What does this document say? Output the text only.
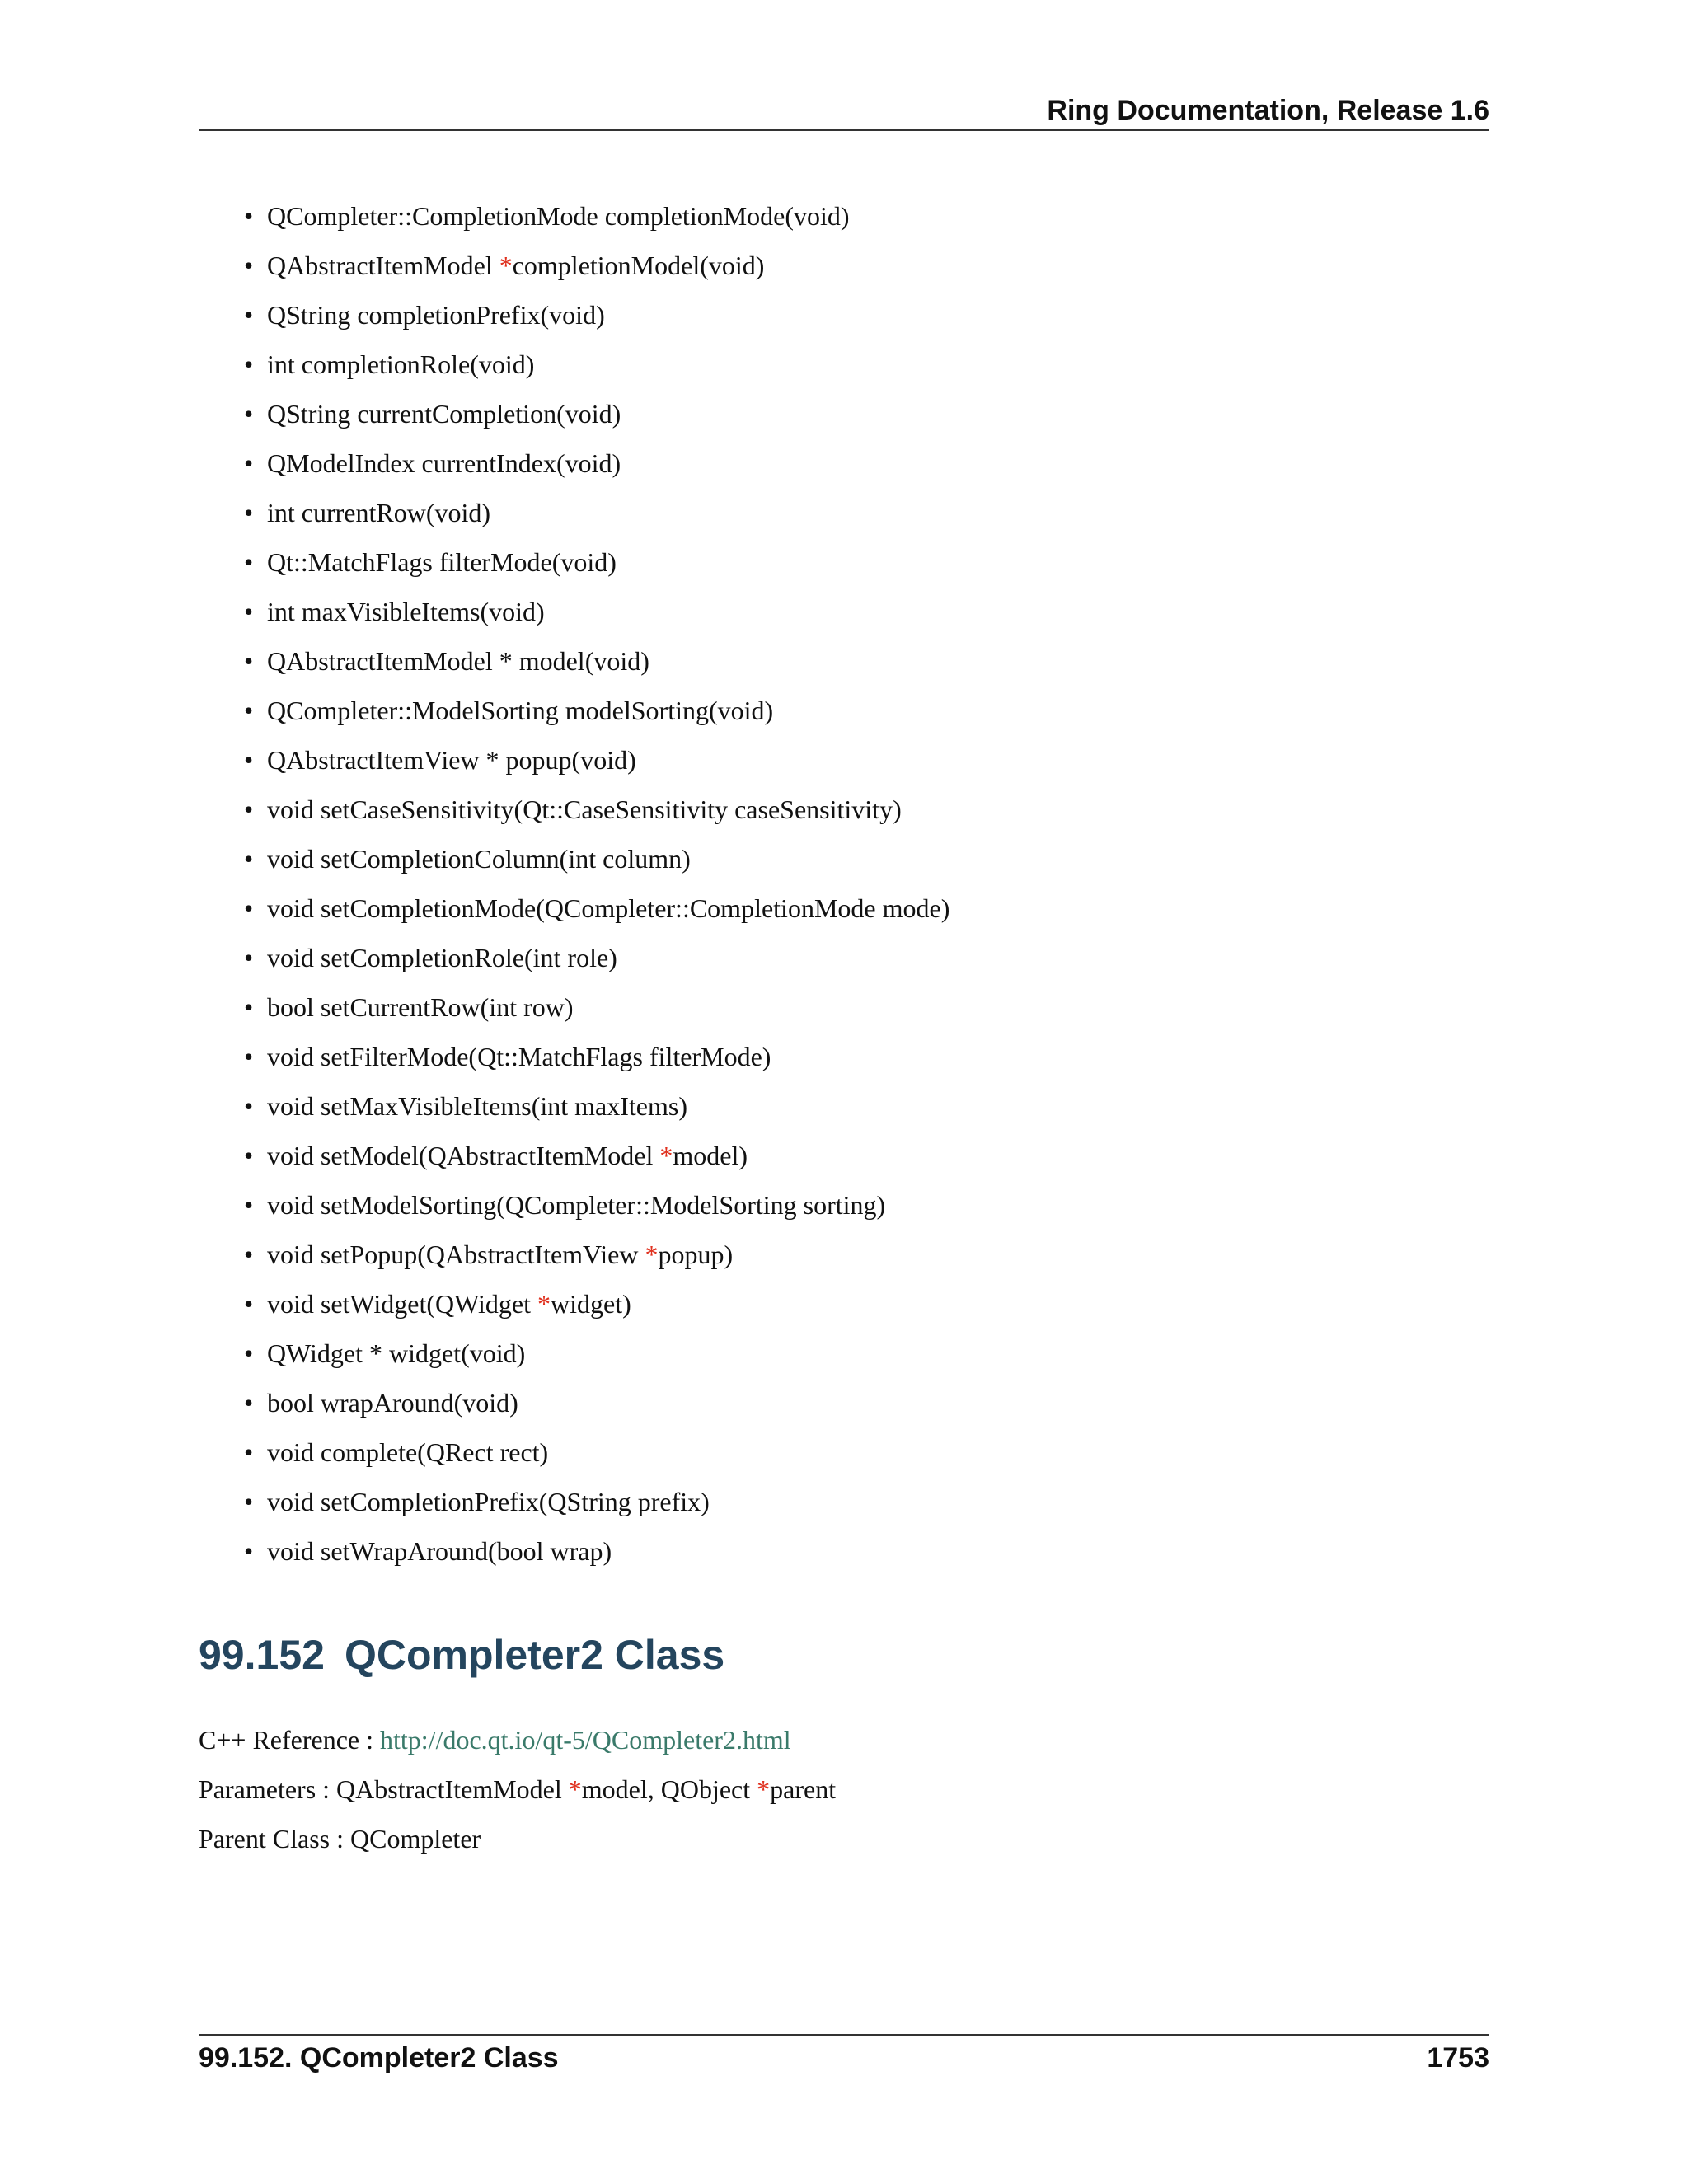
Ring Documentation, Release 1.6
• QCompleter::CompletionMode completionMode(void)
• QAbstractItemModel *completionModel(void)
• QString completionPrefix(void)
• int completionRole(void)
• QString currentCompletion(void)
• QModelIndex currentIndex(void)
• int currentRow(void)
• Qt::MatchFlags filterMode(void)
• int maxVisibleItems(void)
• QAbstractItemModel * model(void)
• QCompleter::ModelSorting modelSorting(void)
• QAbstractItemView * popup(void)
• void setCaseSensitivity(Qt::CaseSensitivity caseSensitivity)
• void setCompletionColumn(int column)
• void setCompletionMode(QCompleter::CompletionMode mode)
• void setCompletionRole(int role)
• bool setCurrentRow(int row)
• void setFilterMode(Qt::MatchFlags filterMode)
• void setMaxVisibleItems(int maxItems)
• void setModel(QAbstractItemModel *model)
• void setModelSorting(QCompleter::ModelSorting sorting)
• void setPopup(QAbstractItemView *popup)
• void setWidget(QWidget *widget)
• QWidget * widget(void)
• bool wrapAround(void)
• void complete(QRect rect)
• void setCompletionPrefix(QString prefix)
• void setWrapAround(bool wrap)
99.152 QCompleter2 Class
C++ Reference : http://doc.qt.io/qt-5/QCompleter2.html
Parameters : QAbstractItemModel *model, QObject *parent
Parent Class : QCompleter
99.152. QCompleter2 Class	1753
